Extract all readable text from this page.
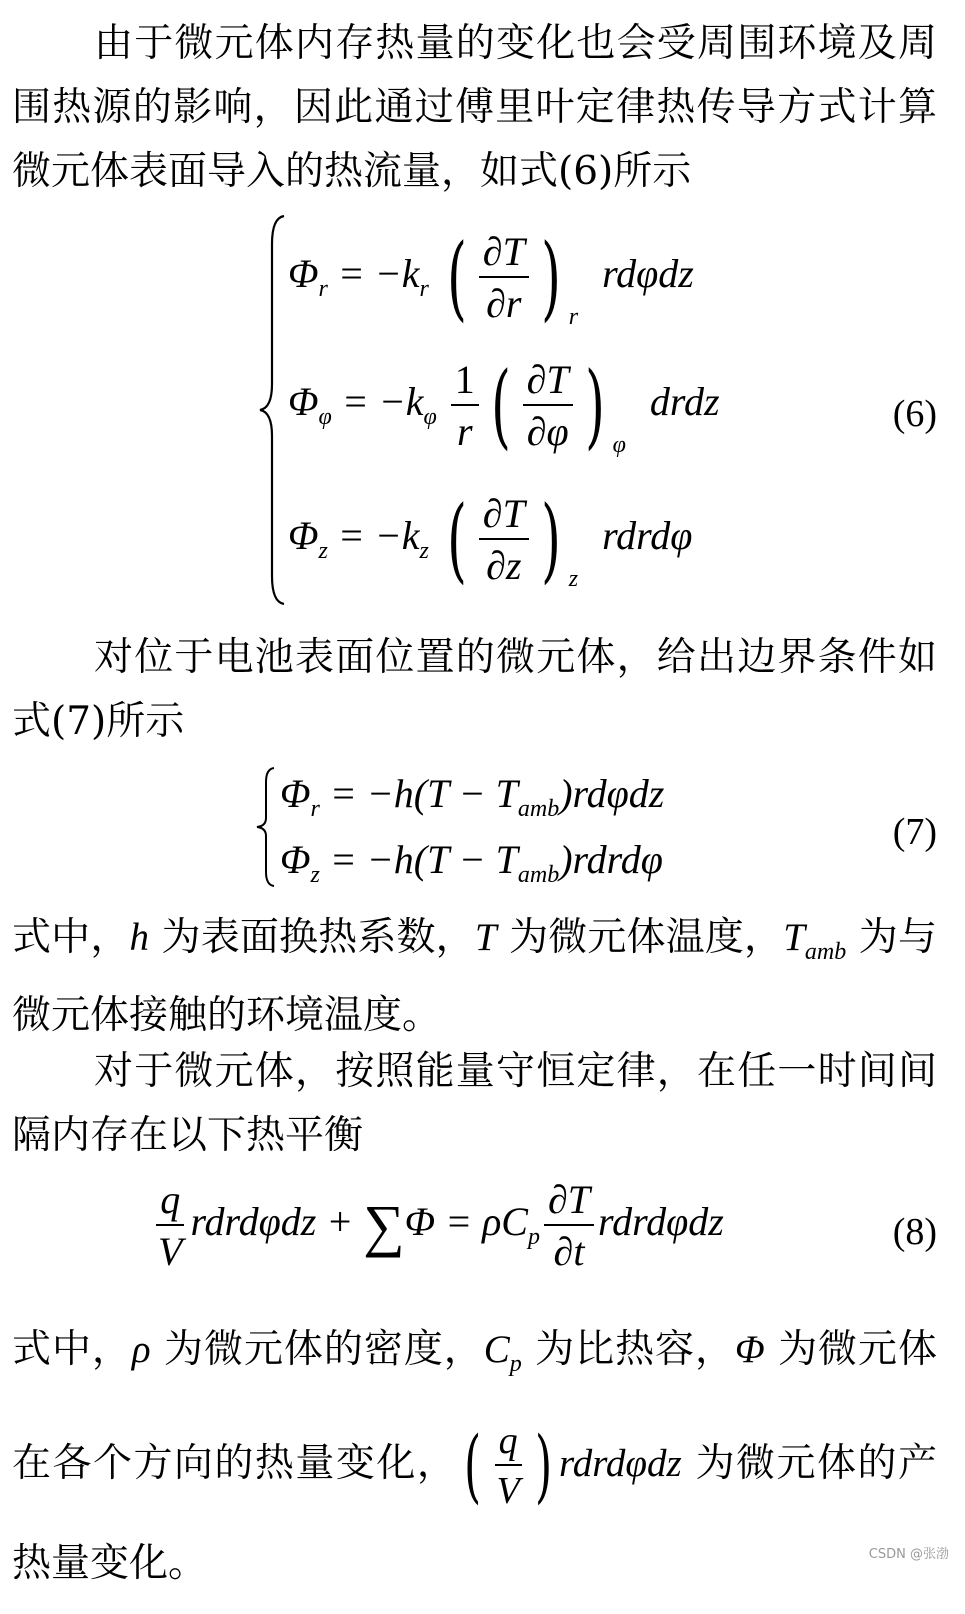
由于微元体内存热量的变化也会受周围环境及周围热源的影响，因此通过傅里叶定律热传导方式计算微元体表面导入的热流量，如式(6)所示
$\Phi_r = -k_r$ ( $\frac{\partial T}{\partial r}$ ) $_r$ rdφdz
$\Phi_\varphi = -k_\varphi \frac{1}{r}$ ( $\frac{\partial T}{\partial\varphi}$ ) $_\varphi$ drdz
$\Phi_z = -k_z$ ( $\frac{\partial T}{\partial z}$ ) $_z$ rdrdφ
(6)
对位于电池表面位置的微元体，给出边界条件如式(7)所示
$\Phi_r = -h(T - T_{amb})rd\varphi dz$
$\Phi_z = -h(T$ − $T_{amb})rdrd\varphi$
(7)
式中，h 为表面换热系数，T 为微元体温度，$T_{amb}$ 为与微元体接触的环境温度。
对于微元体，按照能量守恒定律，在任一时间间隔内存在以下热平衡
$\frac{q}{V}$ rdrdφdz + $\sum\Phi = \rho C_p \frac{\partial T}{\partial t}$ rdrdφdz	(8)
式中，ρ 为微元体的密度，$C_p$ 为比热容，Φ 为微元体在各个方向的热量变化，( $\frac{q}{V}$ ) rdrdφdz 为微元体的产热量变化。	CSDN @张渤
